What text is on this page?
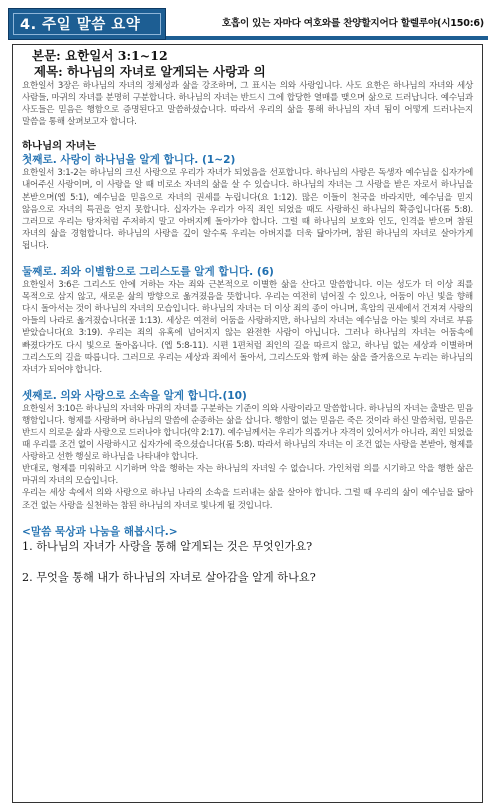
4. 주일 말씀 요약	호흡이 있는 자마다 여호와를 찬양할지어다 할렐루야(시150:6)
본문: 요한일서 3:1~12
제목: 하나님의 자녀로 알게되는 사랑과 의
요한일서 3장은 하나님의 자녀의 정체성과 삶을 강조하며, 그 표시는 의와 사랑입니다. 사도 요한은 하나님의 자녀와 세상 사람들, 마귀의 자녀를 분명히 구분합니다. 하나님의 자녀는 반드시 그에 합당한 열매를 맺으며 삶으로 드러납니다. 예수님과 사도들은 믿음은 행함으로 증명된다고 말씀하셨습니다. 따라서 우리의 삶을 통해 하나님의 자녀 됨이 어떻게 드러나는지 말씀을 통해 살펴보고자 합니다.
하나님의 자녀는
첫째로. 사랑이 하나님을 알게 합니다. (1~2)
요한일서 3:1-2는 하나님의 크신 사랑으로 우리가 자녀가 되었음을 선포합니다. 하나님의 사랑은 독생자 예수님을 십자가에 내어주신 사랑이며, 이 사랑을 알 때 비로소 자녀의 삶을 살 수 있습니다. 하나님의 자녀는 그 사랑을 받은 자로서 하나님을 본받으며(엡 5:1), 예수님을 믿음으로 자녀의 권세를 누립니다(요 1:12). 많은 이들이 천국을 바라지만, 예수님을 믿지 않음으로 자녀의 특권을 얻지 못합니다. 십자가는 우리가 아직 죄인 되었을 때도 사랑하신 하나님의 확증입니다(롬 5:8). 그러므로 우리는 탕자처럼 주저하지 말고 아버지께 돌아가야 합니다. 그럴 때 하나님의 보호와 인도, 인격을 받으며 참된 자녀의 삶을 경험합니다. 하나님의 사랑을 깊이 알수록 우리는 아버지를 더욱 닮아가며, 참된 하나님의 자녀로 살아가게 됩니다.
둘째로. 죄와 이별함으로 그리스도를 알게 합니다. (6)
요한일서 3:6은 그리스도 안에 거하는 자는 죄와 근본적으로 이별한 삶을 산다고 말씀합니다. 이는 성도가 더 이상 죄를 목적으로 삼지 않고, 새로운 삶의 방향으로 옮겨졌음을 뜻합니다. 우리는 여전히 넘어질 수 있으나, 어둠이 아닌 빛을 향해 다시 돌아서는 것이 하나님의 자녀의 모습입니다. 하나님의 자녀는 더 이상 죄의 종이 아니며, 흑암의 권세에서 건져져 사랑의 아들의 나라로 옮겨졌습니다(골 1:13). 세상은 여전히 어둠을 사랑하지만, 하나님의 자녀는 예수님을 아는 빛의 자녀로 부름 받았습니다(요 3:19). 우리는 죄의 유혹에 넘어지지 않는 완전한 사람이 아닙니다. 그러나 하나님의 자녀는 어둠속에 빠졌다가도 다시 빛으로 돌아옵니다. (엡 5:8-11). 시편 1편처럼 죄인의 길을 따르지 않고, 하나님 없는 세상과 이별하며 그리스도의 길을 따릅니다. 그러므로 우리는 세상과 죄에서 돌아서, 그리스도와 함께 하는 삶을 즐거움으로 누리는 하나님의 자녀가 되어야 합니다.
셋째로. 의와 사랑으로 소속을 알게 합니다.(10)
요한일서 3:10은 하나님의 자녀와 마귀의 자녀를 구분하는 기준이 의와 사랑이라고 말씀합니다. 하나님의 자녀는 출발은 믿음 행함입니다. 형제를 사랑하며 하나님의 말씀에 순종하는 삶을 삽니다. 행함이 없는 믿음은 죽은 것이라 하신 말씀처럼, 믿음은 반드시 의로운 삶과 사랑으로 드러나야 합니다(약 2:17). 예수님께서는 우리가 의롭거나 자격이 있어서가 아니라, 죄인 되었을 때 우리를 조건 없이 사랑하시고 십자가에 죽으셨습니다(롬 5:8). 따라서 하나님의 자녀는 이 조건 없는 사랑을 본받아, 형제를 사랑하고 선한 행실로 하나님을 나타내야 합니다.
반대로, 형제를 미워하고 시기하며 악을 행하는 자는 하나님의 자녀일 수 없습니다. 가인처럼 의를 시기하고 악을 행한 삶은 마귀의 자녀의 모습입니다.
우리는 세상 속에서 의와 사랑으로 하나님 나라의 소속을 드러내는 삶을 살아야 합니다. 그럴 때 우리의 삶이 예수님을 닮아 조건 없는 사랑을 실천하는 참된 하나님의 자녀로 빛나게 될 것입니다.
<말씀 묵상과 나눔을 해봅시다.>
1. 하나님의 자녀가 사랑을 통해 알게되는 것은 무엇인가요?
2. 무엇을 통해 내가 하나님의 자녀로 살아감을 알게 하나요?
